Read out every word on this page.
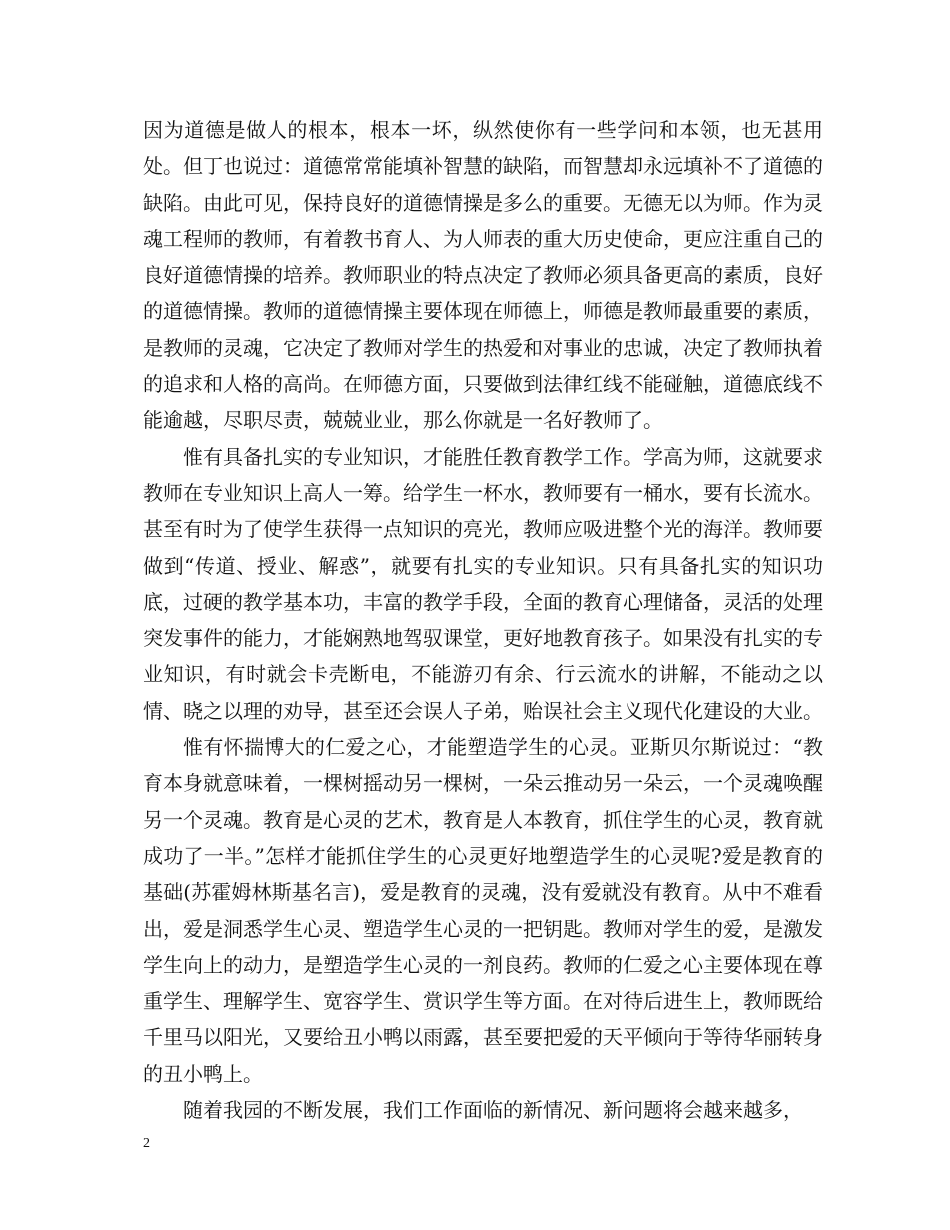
因为道德是做人的根本，根本一坏，纵然使你有一些学问和本领，也无甚用处。但丁也说过：道德常常能填补智慧的缺陷，而智慧却永远填补不了道德的缺陷。由此可见，保持良好的道德情操是多么的重要。无德无以为师。作为灵魂工程师的教师，有着教书育人、为人师表的重大历史使命，更应注重自己的良好道德情操的培养。教师职业的特点决定了教师必须具备更高的素质，良好的道德情操。教师的道德情操主要体现在师德上，师德是教师最重要的素质，是教师的灵魂，它决定了教师对学生的热爱和对事业的忠诚，决定了教师执着的追求和人格的高尚。在师德方面，只要做到法律红线不能碰触，道德底线不能逾越，尽职尽责，兢兢业业，那么你就是一名好教师了。

惟有具备扎实的专业知识，才能胜任教育教学工作。学高为师，这就要求教师在专业知识上高人一筹。给学生一杯水，教师要有一桶水，要有长流水。甚至有时为了使学生获得一点知识的亮光，教师应吸进整个光的海洋。教师要做到“传道、授业、解惑”，就要有扎实的专业知识。只有具备扎实的知识功底，过硬的教学基本功，丰富的教学手段，全面的教育心理储备，灵活的处理突发事件的能力，才能娴熟地驾驭课堂，更好地教育孩子。如果没有扎实的专业知识，有时就会卡壳断电，不能游刃有余、行云流水的讲解，不能动之以情、晓之以理的劝导，甚至还会误人子弟，贻误社会主义现代化建设的大业。

惟有怀揣博大的仁爱之心，才能塑造学生的心灵。亚斯贝尔斯说过：“教育本身就意味着，一棵树摇动另一棵树，一朵云推动另一朵云，一个灵魂唤醒另一个灵魂。教育是心灵的艺术，教育是人本教育，抓住学生的心灵，教育就成功了一半。”怎样才能抓住学生的心灵更好地塑造学生的心灵呢?爱是教育的基础(苏霍姆林斯基名言)，爱是教育的灵魂，没有爱就没有教育。从中不难看出，爱是洞悉学生心灵、塑造学生心灵的一把钥匙。教师对学生的爱，是激发学生向上的动力，是塑造学生心灵的一剂良药。教师的仁爱之心主要体现在尊重学生、理解学生、宽容学生、赏识学生等方面。在对待后进生上，教师既给千里马以阳光，又要给丑小鸭以雨露，甚至要把爱的天平倾向于等待华丽转身的丑小鸭上。

随着我园的不断发展，我们工作面临的新情况、新问题将会越来越多，

2
